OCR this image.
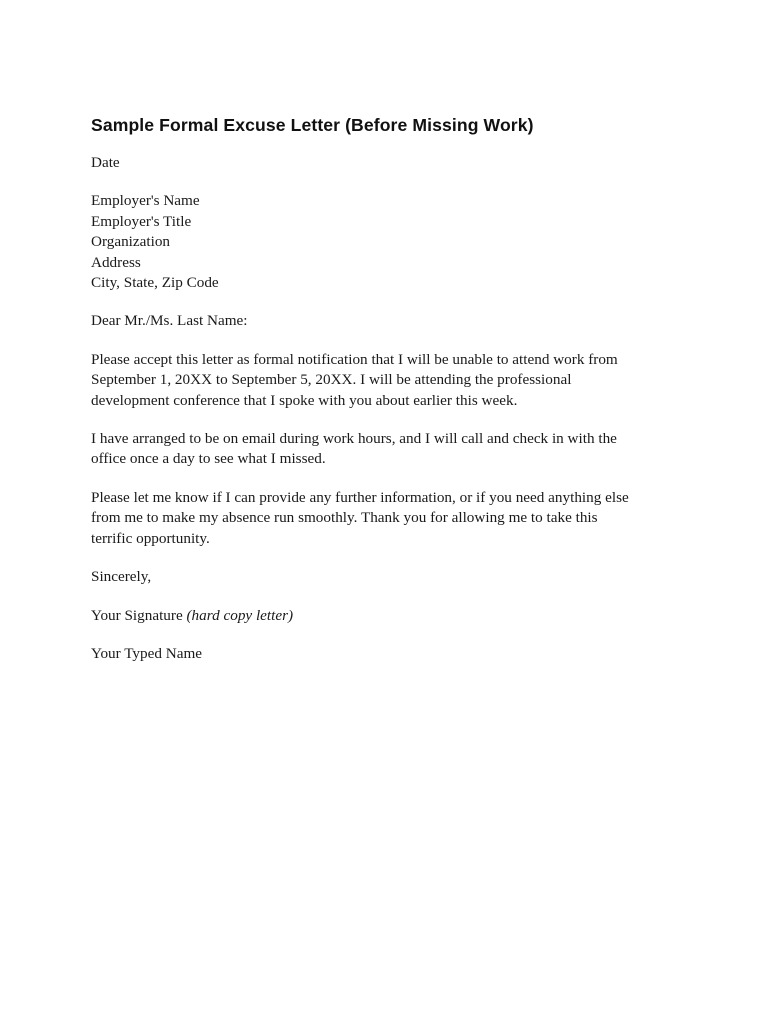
Sample Formal Excuse Letter (Before Missing Work)
Date
Employer's Name
Employer's Title
Organization
Address
City, State, Zip Code
Dear Mr./Ms. Last Name:
Please accept this letter as formal notification that I will be unable to attend work from
September 1, 20XX to September 5, 20XX. I will be attending the professional
development conference that I spoke with you about earlier this week.
I have arranged to be on email during work hours, and I will call and check in with the
office once a day to see what I missed.
Please let me know if I can provide any further information, or if you need anything else
from me to make my absence run smoothly. Thank you for allowing me to take this
terrific opportunity.
Sincerely,
Your Signature (hard copy letter)
Your Typed Name
